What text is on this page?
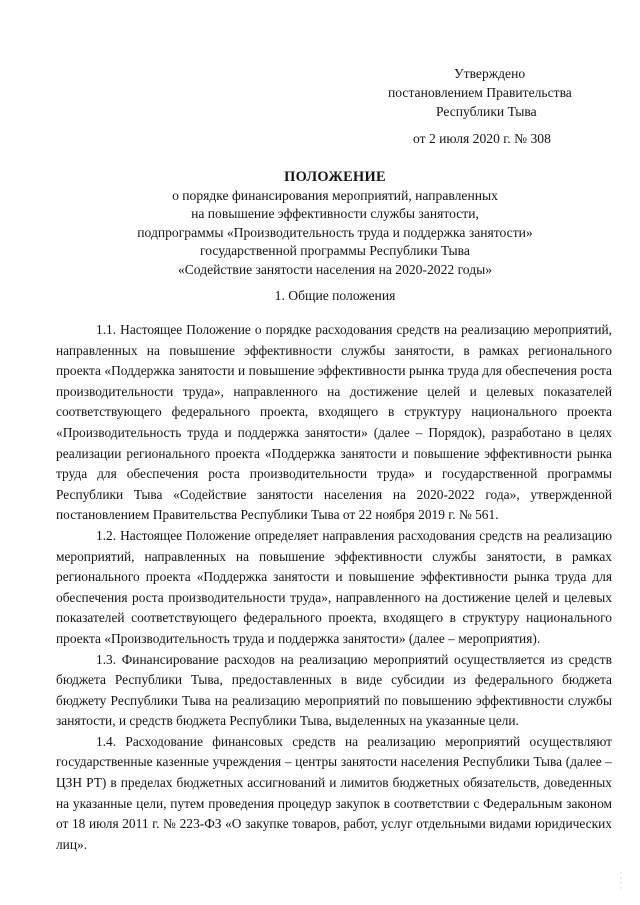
Утверждено
постановлением Правительства
Республики Тыва
от 2 июля 2020 г. № 308
ПОЛОЖЕНИЕ
о порядке финансирования мероприятий, направленных
на повышение эффективности службы занятости,
подпрограммы «Производительность труда и поддержка занятости»
государственной программы Республики Тыва
«Содействие занятости населения на 2020-2022 годы»
1. Общие положения

1.1. Настоящее Положение о порядке расходования средств на реализацию мероприятий, направленных на повышение эффективности службы занятости, в рамках регионального проекта «Поддержка занятости и повышение эффективности рынка труда для обеспечения роста производительности труда», направленного на достижение целей и целевых показателей соответствующего федерального проекта, входящего в структуру национального проекта «Производительность труда и поддержка занятости» (далее – Порядок), разработано в целях реализации регионального проекта «Поддержка занятости и повышение эффективности рынка труда для обеспечения роста производительности труда» и государственной программы Республики Тыва «Содействие занятости населения на 2020-2022 года», утвержденной постановлением Правительства Республики Тыва от 22 ноября 2019 г. № 561.

1.2. Настоящее Положение определяет направления расходования средств на реализацию мероприятий, направленных на повышение эффективности службы занятости, в рамках регионального проекта «Поддержка занятости и повышение эффективности рынка труда для обеспечения роста производительности труда», направленного на достижение целей и целевых показателей соответствующего федерального проекта, входящего в структуру национального проекта «Производительность труда и поддержка занятости» (далее – мероприятия).

1.3. Финансирование расходов на реализацию мероприятий осуществляется из средств бюджета Республики Тыва, предоставленных в виде субсидии из федерального бюджета бюджету Республики Тыва на реализацию мероприятий по повышению эффективности службы занятости, и средств бюджета Республики Тыва, выделенных на указанные цели.

1.4. Расходование финансовых средств на реализацию мероприятий осуществляют государственные казенные учреждения – центры занятости населения Республики Тыва (далее – ЦЗН РТ) в пределах бюджетных ассигнований и лимитов бюджетных обязательств, доведенных на указанные цели, путем проведения процедур закупок в соответствии с Федеральным законом от 18 июля 2011 г. № 223-ФЗ «О закупке товаров, работ, услуг отдельными видами юридических лиц».
